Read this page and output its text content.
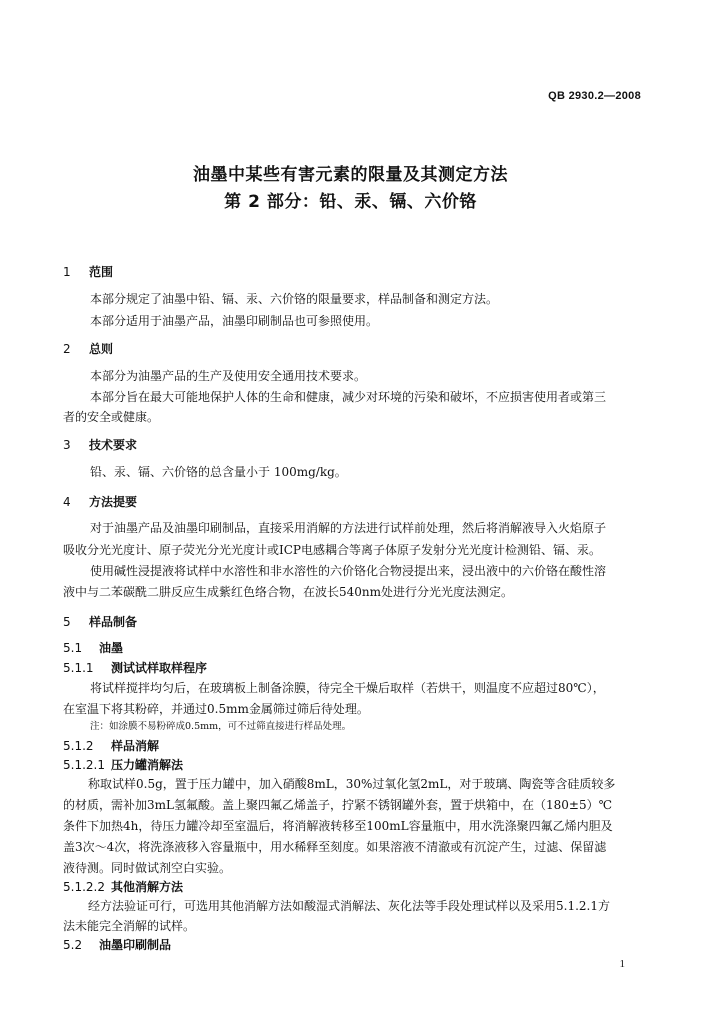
QB 2930.2—2008
油墨中某些有害元素的限量及其测定方法
第 2 部分：铅、汞、镉、六价铬
1 范围
本部分规定了油墨中铅、镉、汞、六价铬的限量要求，样品制备和测定方法。
本部分适用于油墨产品，油墨印刷制品也可参照使用。
2 总则
本部分为油墨产品的生产及使用安全通用技术要求。
本部分旨在最大可能地保护人体的生命和健康，减少对环境的污染和破坏，不应损害使用者或第三
者的安全或健康。
3 技术要求
铅、汞、镉、六价铬的总含量小于 100mg/kg。
4 方法提要
对于油墨产品及油墨印刷制品，直接采用消解的方法进行试样前处理，然后将消解液导入火焰原子
吸收分光光度计、原子荧光分光光度计或ICP电感耦合等离子体原子发射分光光度计检测铅、镉、汞。
使用碱性浸提液将试样中水溶性和非水溶性的六价铬化合物浸提出来，浸出液中的六价铬在酸性溶
液中与二苯碳酰二肼反应生成紫红色络合物，在波长540nm处进行分光光度法测定。
5 样品制备
5.1 油墨
5.1.1 测试试样取样程序
将试样搅拌均匀后，在玻璃板上制备涂膜，待完全干燥后取样（若烘干，则温度不应超过80℃），
在室温下将其粉碎，并通过0.5mm金属筛过筛后待处理。
注：如涂膜不易粉碎成0.5mm，可不过筛直接进行样品处理。
5.1.2 样品消解
5.1.2.1 压力罐消解法
称取试样0.5g，置于压力罐中，加入硝酸8mL，30%过氧化氢2mL，对于玻璃、陶瓷等含硅质较多
的材质，需补加3mL氢氟酸。盖上聚四氟乙烯盖子，拧紧不锈钢罐外套，置于烘箱中，在（180±5）℃
条件下加热4h，待压力罐冷却至室温后，将消解液转移至100mL容量瓶中，用水洗涤聚四氟乙烯内胆及
盖3次～4次，将洗涤液移入容量瓶中，用水稀释至刻度。如果溶液不清澈或有沉淀产生，过滤、保留滤
液待测。同时做试剂空白实验。
5.1.2.2 其他消解方法
经方法验证可行，可选用其他消解方法如酸湿式消解法、灰化法等手段处理试样以及采用5.1.2.1方
法未能完全消解的试样。
5.2 油墨印刷制品
1
